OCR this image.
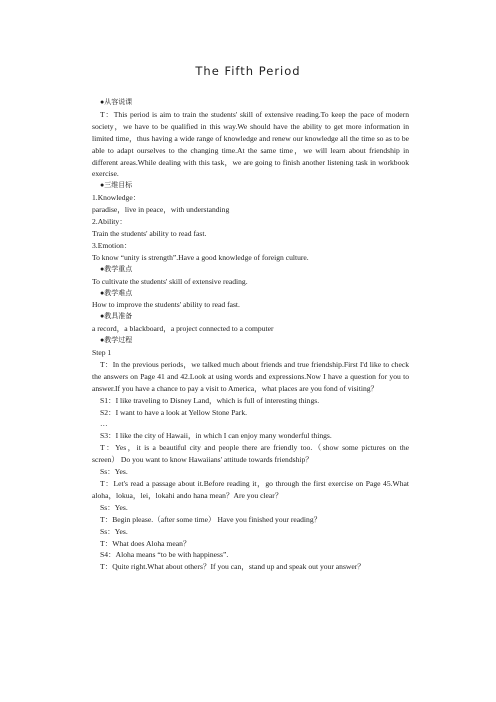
The Fifth Period

●从容说课

T：This period is aim to train the students' skill of extensive reading.To keep the pace of modern society，we have to be qualified in this way.We should have the ability to get more information in limited time，thus having a wide range of knowledge and renew our knowledge all the time so as to be able to adapt ourselves to the changing time.At the same time，we will learn about friendship in different areas.While dealing with this task，we are going to finish another listening task in workbook exercise.

●三维目标

1.Knowledge：

paradise，live in peace，with understanding

2.Ability：

Train the students' ability to read fast.

3.Emotion：

To know “unity is strength”.Have a good knowledge of foreign culture.

●教学重点

To cultivate the students' skill of extensive reading.

●教学难点

How to improve the students' ability to read fast.

●教具准备

a record，a blackboard，a project connected to a computer

●教学过程

Step 1

T：In the previous periods，we talked much about friends and true friendship.First I'd like to check the answers on Page 41 and 42.Look at using words and expressions.Now I have a question for you to answer.If you have a chance to pay a visit to America，what places are you fond of visiting？

S1：I like traveling to Disney Land，which is full of interesting things.

S2：I want to have a look at Yellow Stone Park.

…

S3：I like the city of Hawaii，in which I can enjoy many wonderful things.

T：Yes，it is a beautiful city and people there are friendly too.（show some pictures on the screen） Do you want to know Hawaiians' attitude towards friendship？

Ss：Yes.

T：Let's read a passage about it.Before reading it，go through the first exercise on Page 45.What aloha，lokua，lei，lokahi ando hana mean？Are you clear？

Ss：Yes.

T：Begin please.（after some time） Have you finished your reading？

Ss：Yes.

T：What does Aloha mean？

S4：Aloha means “to be with happiness”.

T：Quite right.What about others？If you can，stand up and speak out your answer？
